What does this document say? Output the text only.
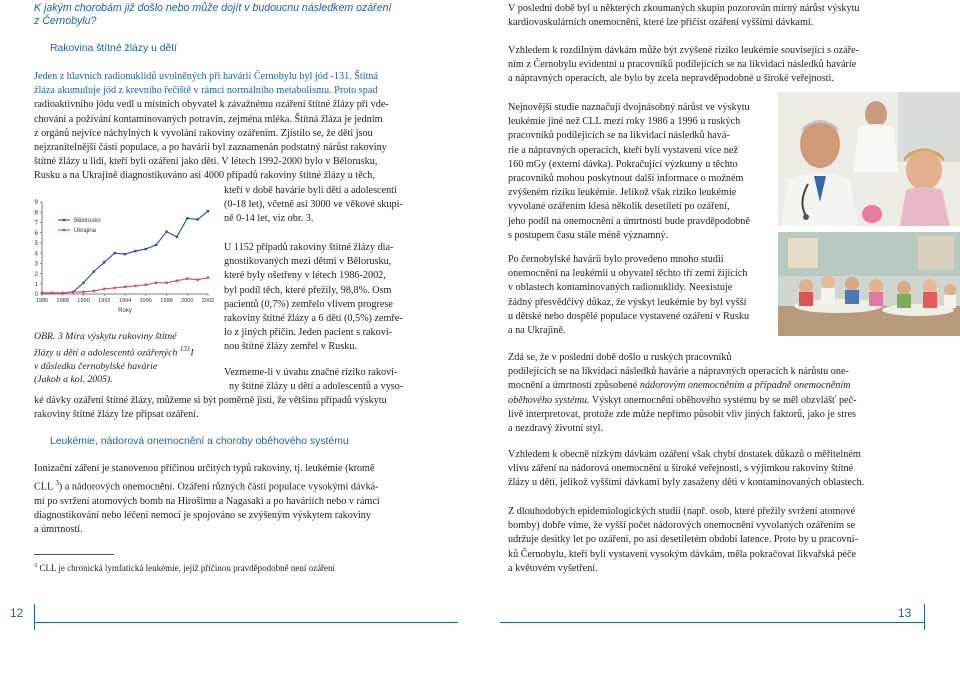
K jakým chorobám již došlo nebo může dojít v budoucnu následkem ozáření
z Černobylu?
Rakovina štítné žlázy u dětí

Jeden z hlavních radionuklidů uvolněných při havárii Černobylu byl jód -131. Štítná

žláza akumuluje jód z krevního řečiště v rámci normálního metabolismu. Proto spad

radioaktivního jódu vedl u místních obyvatel k závažnému ozáření štítné žlázy při vde-

chování a požívání kontaminovaných potravin, zejména mléka. Štítná žláza je jedním

z orgánů nejvíce náchylných k vyvolání rakoviny ozářením. Zjistilo se, že děti jsou

nejzranitelnější částí populace, a po havárii byl zaznamenán podstatný nárůst rakoviny

štítné žlázy u lidí, kteří byli ozářeni jako děti. V létech 1992-2000 bylo v Bělorusku,

Rusku a na Ukrajině diagnostikováno asi 4000 případů rakoviny štítné žlázy u těch,

kteří v době havárie byli děti a adolescenti

(0-18 let), včetně asi 3000 ve věkové skupi-

ně 0-14 let, viz obr. 3.

U 1152 případů rakoviny štítné žlázy dia-

gnostikovaných mezi dětmi v Bělorusku,

které byly ošetřeny v létech 1986-2002,

byl podíl těch, které přežily, 98,8%. Osm

pacientů (0,7%) zemřelo vlivem progrese

rakoviny štítné žlázy a 6 dětí (0,5%) zemře-

lo z jiných příčin. Jeden pacient s rakovi-

nou štítné žlázy zemřel v Rusku.

0
1
2
3
4
5
6
7
8
9
1986 1988 1990 1992 1994 1996 1998 2000 2002
Roky
Bělorusko
Ukrajina
OBR. 3 Míra výskytu rakoviny štítné
žlázy u dětí a adolescentů ozářených $^{131}$I
v důsledku černobylské havárie
(Jakob a kol. 2005).

Vezmeme-li v úvahu značné riziko rakovi-

ny štítné žlázy u dětí a adolescentů a vyso-

ké dávky ozáření štítné žlázy, můžeme si být poměrně jisti, že většinu případů výskytu

rakoviny štítné žlázy lze připsat ozáření.

Leukémie, nádorová onemocnění a choroby oběhového systému

Ionizační záření je stanovenou příčinou určitých typů rakoviny, tj. leukémie (kromě

CLL $^3$) a nádorových onemocnění. Ozáření různých částí populace vysokými dávká-

mi po svržení atomových bomb na Hirošimu a Nagasaki a po haváriích nebo v rámci

diagnostikování nebo léčení nemocí je spojováno se zvýšeným výskytem rakoviny

a úmrtností.

$^3$ CLL je chronická lymfatická leukémie, jejíž příčinou pravděpodobně není ozáření
12

V poslední době byl u některých zkoumaných skupin pozorován mírný nárůst výskytu

kardiovaskulárních onemocnění, které lze přičíst ozáření vyššími dávkami.

Vzhledem k rozdílným dávkám může být zvýšené riziko leukémie související s ozáře-

ním z Černobylu evidentní u pracovníků podílejících se na likvidaci následků havárie

a nápravných operacích, ale bylo by zcela nepravděpodobné u široké veřejnosti.

Nejnovější studie naznačují dvojnásobný nárůst ve výskytu

leukémie jiné než CLL mezi roky 1986 a 1996 u ruských

pracovníků podílejících se na likvidaci následků havá-

rie a nápravných operacích, kteří byli vystaveni více než

160 mGy (externí dávka). Pokračující výzkumy u těchto

pracovníků mohou poskytnout další informace o možném

zvýšeném riziku leukémie. Jelikož však riziko leukémie

vyvolané ozářením klesá několik desetiletí po ozáření,

jeho podíl na onemocnění a úmrtnosti bude pravděpodobně

s postupem času stále méně významný.

Po černobylské havárii bylo provedeno mnoho studií

onemocnění na leukémii u obyvatel těchto tří zemí žijících

v oblastech kontaminovaných radionuklidy. Neexistuje

žádný přesvědčivý důkaz, že výskyt leukémie by byl vyšší

u dětské nebo dospělé populace vystavené ozáření v Rusku

a na Ukrajině.

Zdá se, že v poslední době došlo u ruských pracovníků

podílejících se na likvidaci následků havárie a nápravných operacích k nárůstu one-

mocnění a úmrtnosti způsobené nádorovým onemocněním a případně onemocněním

oběhového systému. Výskyt onemocnění oběhového systému by se měl obzvlášť peč-

livě interpretovat, protože zde může nepřímo působit vliv jiných faktorů, jako je stres

a nezdravý životní styl.

Vzhledem k obecně nízkým dávkám ozáření však chybí dostatek důkazů o měřitelném

vlivu záření na nádorová onemocnění u široké veřejnosti, s výjimkou rakoviny štítné

žlázy u dětí, jelikož vyššími dávkami byly zasaženy děti v kontaminovaných oblastech.

Z dlouhodobých epidemiologických studií (např. osob, které přežily svržení atomové

bomby) dobře víme, že vyšší počet nádorových onemocnění vyvolaných ozářením se

udržuje desítky let po ozáření, po asi desetiletém období latence. Proto by u pracovní-

ků Černobylu, kteří byli vystaveni vysokým dávkám, měla pokračovat likvařská péče

a květovém vyšetření.

13
